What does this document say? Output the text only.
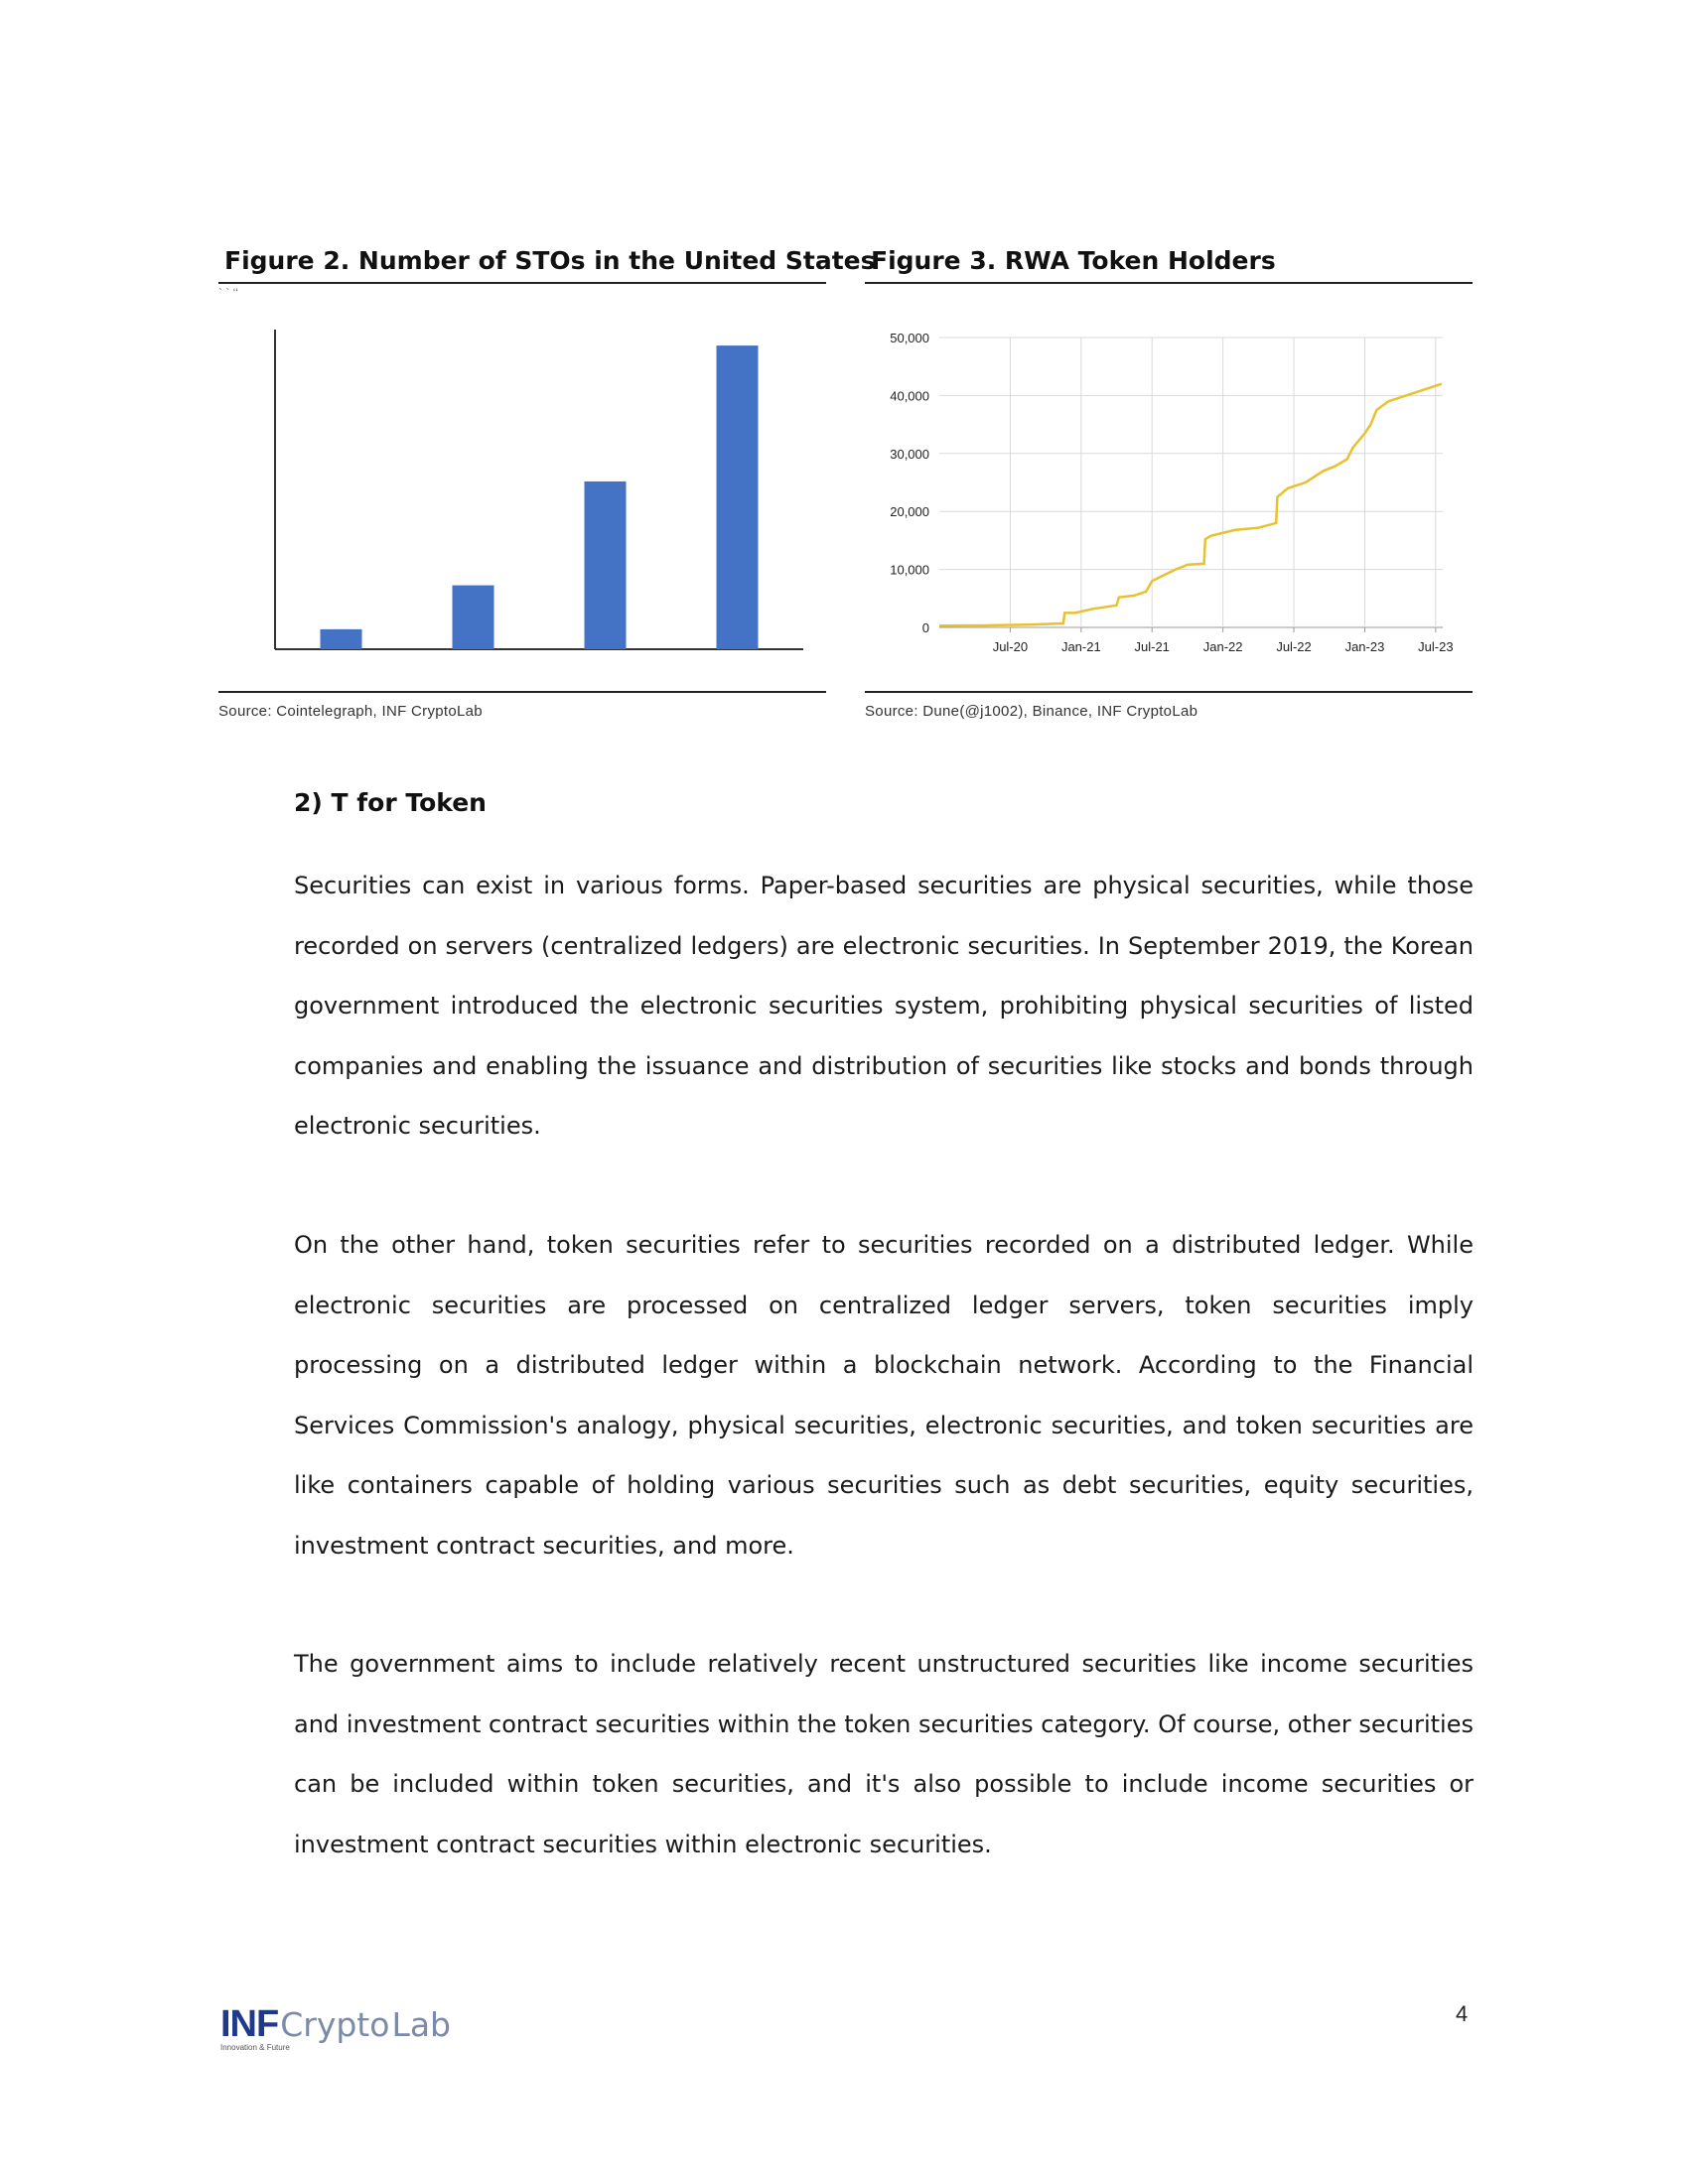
Figure 2. Number of STOs in the United States
` ` ‘‘
Source: Cointelegraph, INF CryptoLab
Figure 3. RWA Token Holders
0
10,000
20,000
30,000
40,000
50,000
Jul-20	Jan-21	Jul-21	Jan-22	Jul-22	Jan-23	Jul-23
Source: Dune(@j1002), Binance, INF CryptoLab
2) T for Token

Securities can exist in various forms. Paper-based securities are physical securities, while those recorded on servers (centralized ledgers) are electronic securities. In September 2019, the Korean government introduced the electronic securities system, prohibiting physical securities of listed companies and enabling the issuance and distribution of securities like stocks and bonds through electronic securities.

On the other hand, token securities refer to securities recorded on a distributed ledger. While electronic securities are processed on centralized ledger servers, token securities imply processing on a distributed ledger within a blockchain network. According to the Financial Services Commission's analogy, physical securities, electronic securities, and token securities are like containers capable of holding various securities such as debt securities, equity securities, investment contract securities, and more.

The government aims to include relatively recent unstructured securities like income securities and investment contract securities within the token securities category. Of course, other securities can be included within token securities, and it's also possible to include income securities or investment contract securities within electronic securities.

INFCryptoLab
Innovation & Future
4
